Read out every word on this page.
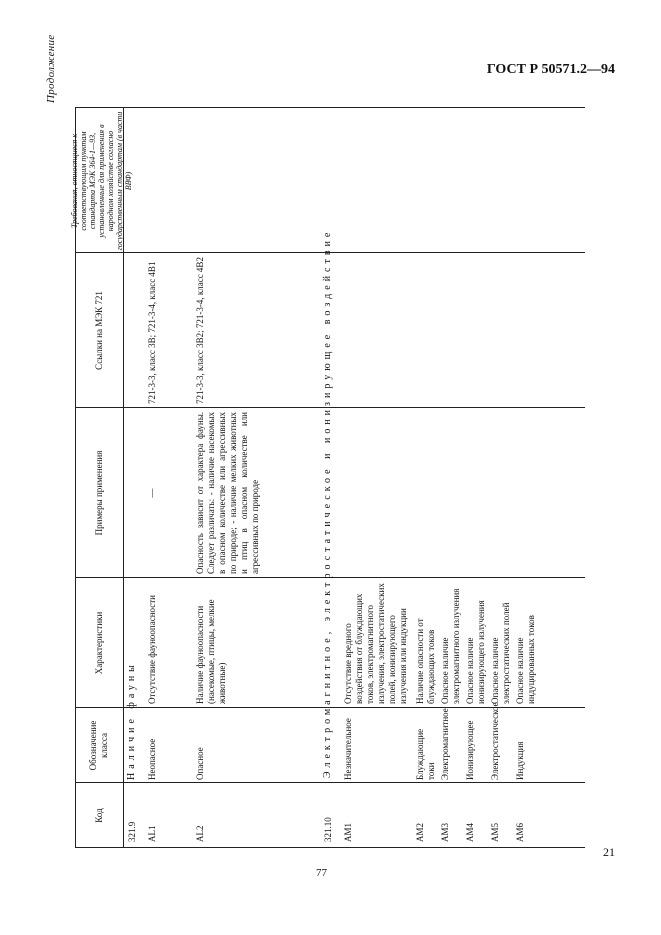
ГОСТ Р 50571.2—94
21
Продолжение
Код
Обозначение класса
Характеристики
Примеры применения
Ссылки на МЭК 721
Требования, относящиеся к соответствующим пунктам стандарта МЭК 364-1—93, установленные для применения в народном хозяйстве согласно государственным стандартам (в части ВВФ)
321.9
Наличие фауны
AL1
Неопасное
Отсутствие фауноопасности
—
721-3-3, класс 3В; 721-3-4, класс 4В1
AL2
Опасное
Наличие фауноопасности (насекомые, птицы, мелкие животные)
Опасность зависит от характера фауны. Следует различать: - наличие насекомых в опасном количестве или агрессивных по природе; - наличие мелких животных и птиц в опасном количестве или агрессивных по природе
721-3-3, класс 3В2; 721-3-4, класс 4В2
321.10
Электромагнитное, электростатическое и ионизирующее воздействие
AM1
Незначительное
Отсутствие вредного воздействия от блуждающих токов, электромагнитного излучения, электростатических полей, ионизирующего излучения или индукции
AM2
Блуждающие токи
Наличие опасности от блуждающих токов
AM3
Электромагнитное
Опасное наличие электромагнитного излучения
AM4
Ионизирующее
Опасное наличие ионизирующего излучения
AM5
Электростатическое
Опасное наличие электростатических полей
AM6
Индукция
Опасное наличие индуцированных токов
77
